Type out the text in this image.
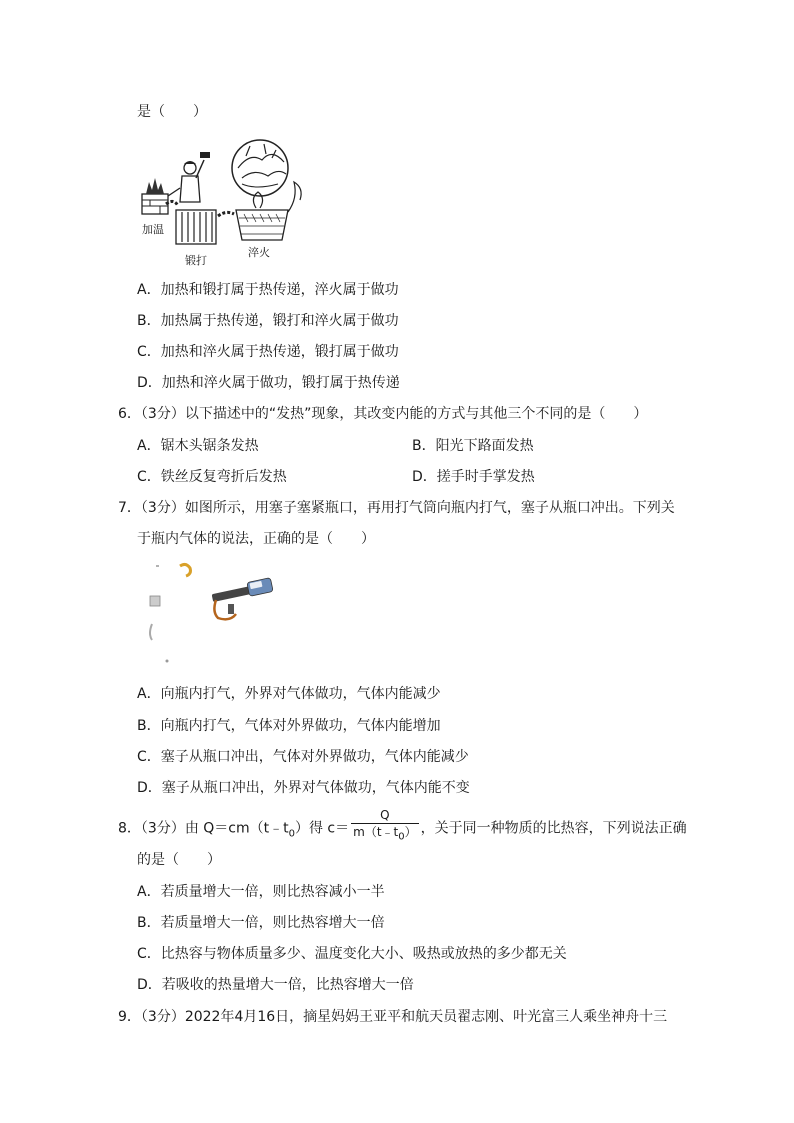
是（　　）
加温
锻打
淬火
A．加热和锻打属于热传递，淬火属于做功
B．加热属于热传递，锻打和淬火属于做功
C．加热和淬火属于热传递，锻打属于做功
D．加热和淬火属于做功，锻打属于热传递
6．（3分）以下描述中的“发热”现象，其改变内能的方式与其他三个不同的是（　　）
A．锯木头锯条发热	B．阳光下路面发热
C．铁丝反复弯折后发热	D．搓手时手掌发热
7．（3分）如图所示，用塞子塞紧瓶口，再用打气筒向瓶内打气，塞子从瓶口冲出。下列关
于瓶内气体的说法，正确的是（　　）
A．向瓶内打气，外界对气体做功，气体内能减少
B．向瓶内打气，气体对外界做功，气体内能增加
C．塞子从瓶口冲出，气体对外界做功，气体内能减少
D．塞子从瓶口冲出，外界对气体做功，气体内能不变
8．（3分）由 $Q=cm(t﹣t_0)$得 $c= \frac{Q}{m(t﹣t_0)}$ ，关于同一种物质的比热容，下列说法正确
的是（　　）
A．若质量增大一倍，则比热容减小一半
B．若质量增大一倍，则比热容增大一倍
C．比热容与物体质量多少、温度变化大小、吸热或放热的多少都无关
D．若吸收的热量增大一倍，比热容增大一倍
9．（3分）2022年4月16日，摘星妈妈王亚平和航天员翟志刚、叶光富三人乘坐神舟十三
